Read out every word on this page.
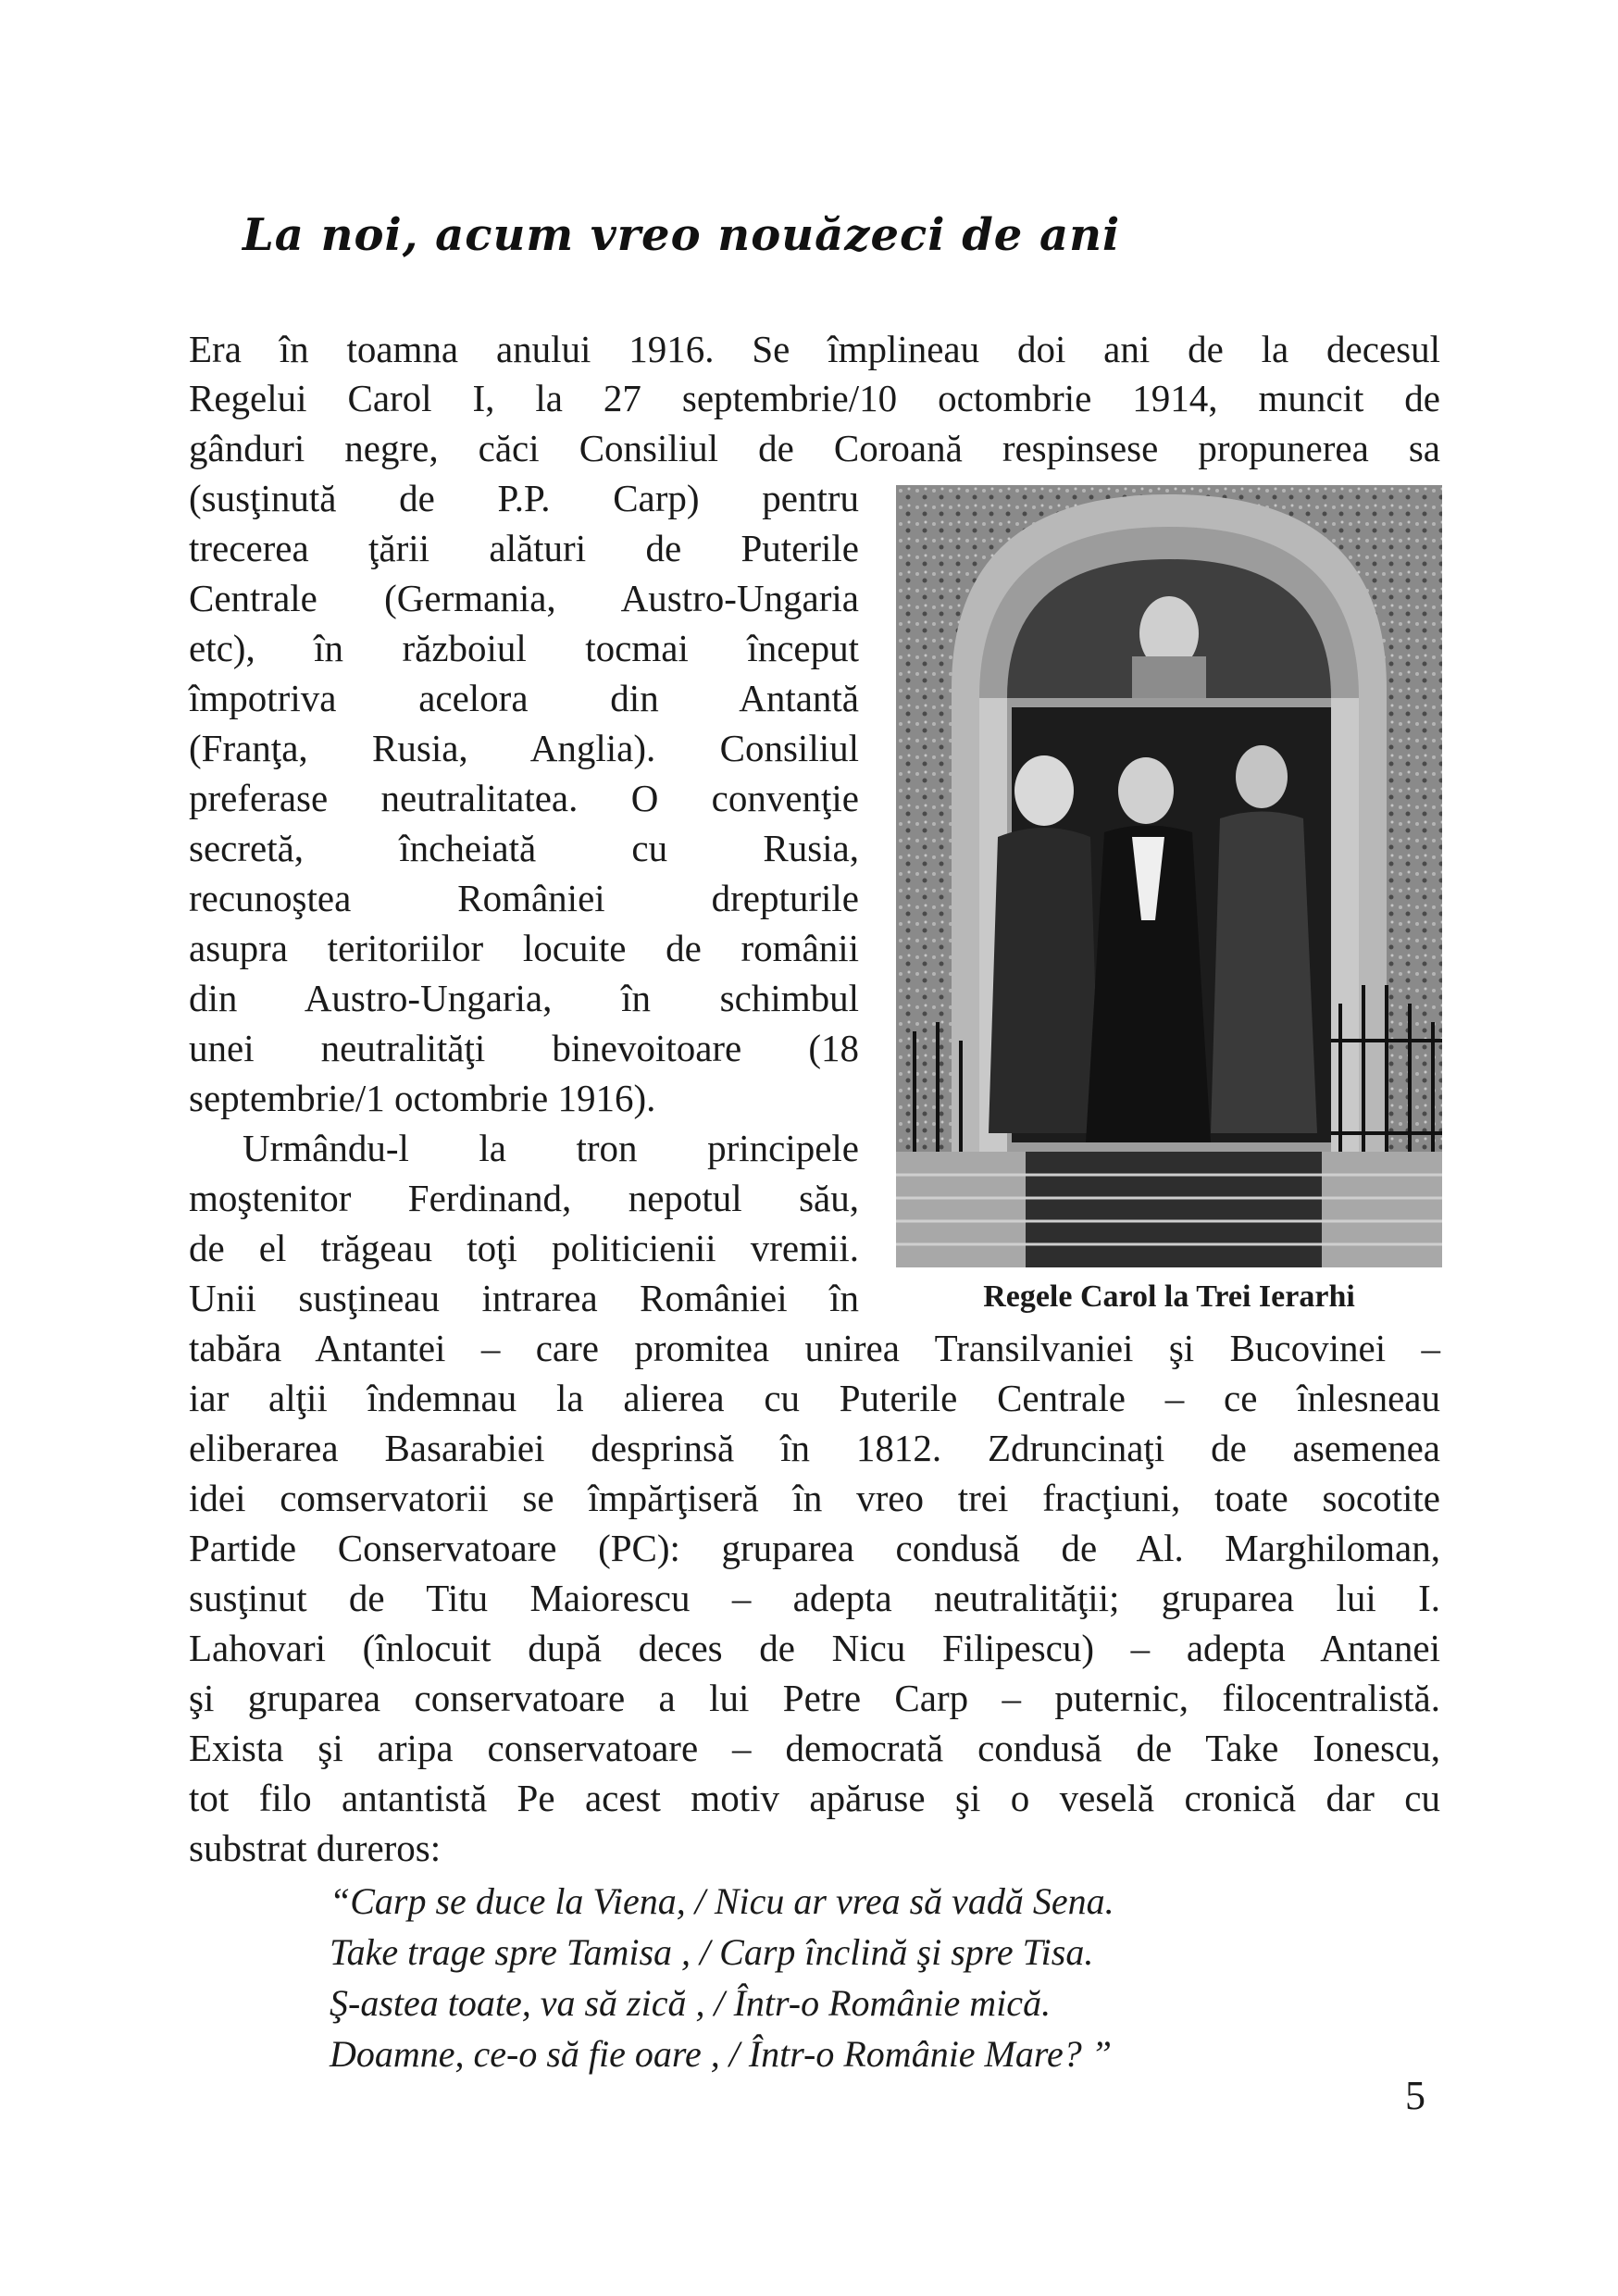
La noi, acum vreo nouăzeci de ani
Era în toamna anului 1916. Se împlineau doi ani de la decesul
Regelui Carol I, la 27 septembrie/10 octombrie 1914, muncit de
gânduri negre, căci Consiliul de Coroană respinsese propunerea sa
(susţinută de P.P. Carp) pentru
trecerea ţării alături de Puterile
Centrale (Germania, Austro-Ungaria
etc), în războiul tocmai început
împotriva acelora din Antantă
(Franţa, Rusia, Anglia). Consiliul
preferase neutralitatea. O convenţie
secretă, încheiată cu Rusia,
recunoştea României drepturile
asupra teritoriilor locuite de românii
din Austro-Ungaria, în schimbul
unei neutralităţi binevoitoare (18
septembrie/1 octombrie 1916).
Urmându-l la tron principele
moştenitor Ferdinand, nepotul său,
de el trăgeau toţi politicienii vremii.
Unii susţineau intrarea României în
tabăra Antantei – care promitea unirea Transilvaniei şi Bucovinei –
iar alţii îndemnau la alierea cu Puterile Centrale – ce înlesneau
eliberarea Basarabiei desprinsă în 1812. Zdruncinaţi de asemenea
idei comservatorii se împărţiseră în vreo trei fracţiuni, toate socotite
Partide Conservatoare (PC): gruparea condusă de Al. Marghiloman,
susţinut de Titu Maiorescu – adepta neutralităţii; gruparea lui I.
Lahovari (înlocuit după deces de Nicu Filipescu) – adepta Antanei
şi gruparea conservatoare a lui Petre Carp – puternic, filocentralistă.
Exista şi aripa conservatoare – democrată condusă de Take Ionescu,
tot filo antantistă Pe acest motiv apăruse şi o veselă cronică dar cu
substrat dureros:
“Carp se duce la Viena, / Nicu ar vrea să vadă Sena.
Take trage spre Tamisa , / Carp înclină şi spre Tisa.
Ş-astea toate, va să zică , / Într-o Românie mică.
Doamne, ce-o să fie oare , / Într-o Românie Mare? ”
Regele Carol la Trei Ierarhi
5
